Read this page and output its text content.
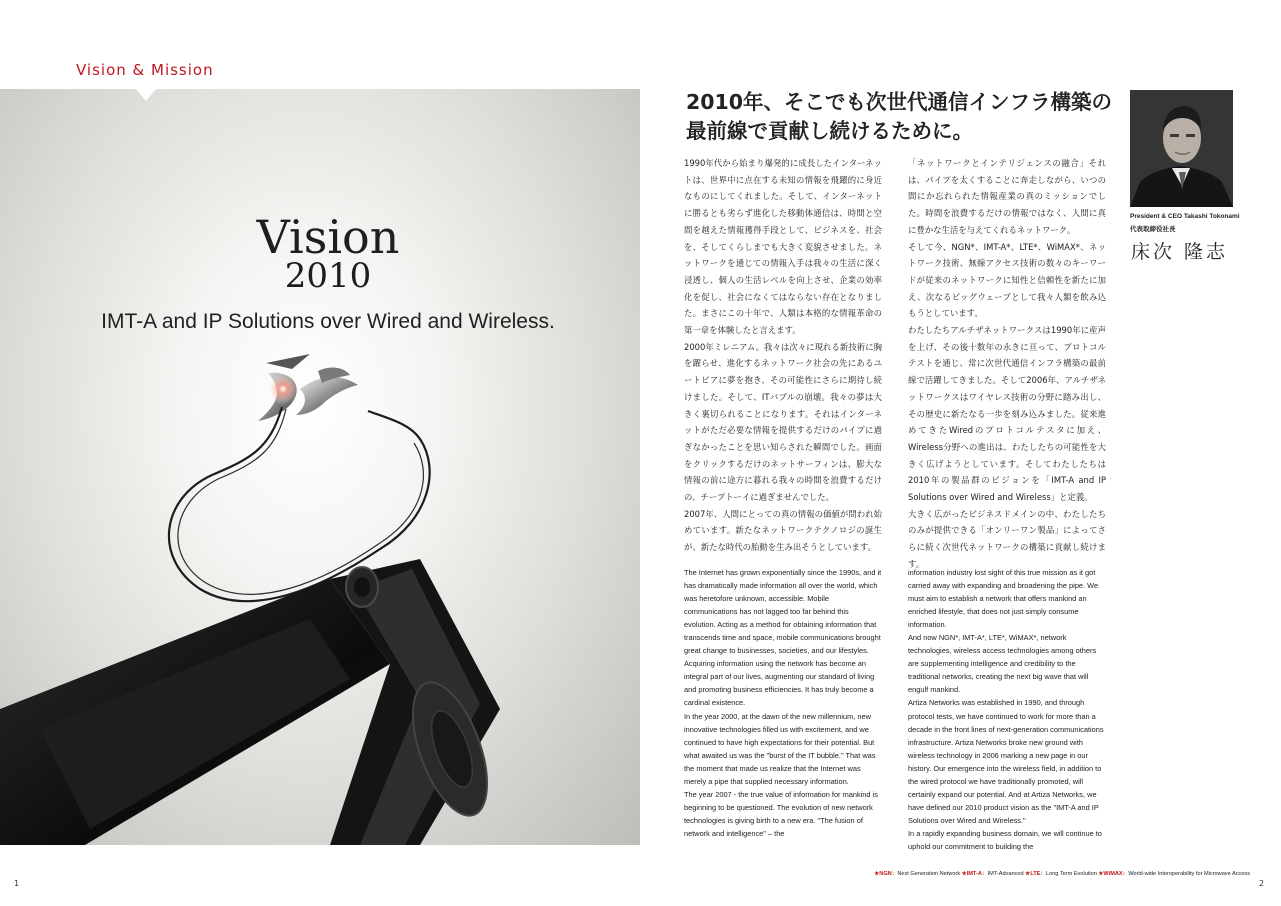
Vision & Mission
Vision
2010
IMT-A and IP Solutions over Wired and Wireless.
1
2010年、そこでも次世代通信インフラ構築の
最前線で貢献し続けるために。
President & CEO Takashi Tokonami
代表取締役社長
床次 隆志

1990年代から始まり爆発的に成長したインターネットは、世界中に点在する未知の情報を飛躍的に身近なものにしてくれました。そして、インターネットに勝るとも劣らず進化した移動体通信は、時間と空間を越えた情報獲得手段として、ビジネスを、社会を、そしてくらしまでも大きく変貌させました。ネットワークを通じての情報入手は我々の生活に深く浸透し、個人の生活レベルを向上させ、企業の効率化を促し、社会になくてはならない存在となりました。まさにこの十年で、人類は本格的な情報革命の第一章を体験したと言えます。

2000年ミレニアム。我々は次々に現れる新技術に胸を躍らせ、進化するネットワーク社会の先にあるユートピアに夢を抱き、その可能性にさらに期待し続けました。そして、ITバブルの崩壊。我々の夢は大きく裏切られることになります。それはインターネットがただ必要な情報を提供するだけのパイプに過ぎなかったことを思い知らされた瞬間でした。画面をクリックするだけのネットサーフィンは、膨大な情報の前に途方に暮れる我々の時間を浪費するだけの、チープトーイに過ぎませんでした。

2007年、人間にとっての真の情報の価値が問われ始めています。新たなネットワークテクノロジの誕生が、新たな時代の胎動を生み出そうとしています。

「ネットワークとインテリジェンスの融合」それは、パイプを太くすることに奔走しながら、いつの間にか忘れられた情報産業の真のミッションでした。時間を浪費するだけの情報ではなく、人間に真に豊かな生活を与えてくれるネットワーク。

そして今、NGN*、IMT-A*、LTE*、WiMAX*、ネットワーク技術、無線アクセス技術の数々のキーワードが従来のネットワークに知性と信頼性を新たに加え、次なるビッグウェーブとして我々人類を飲み込もうとしています。

わたしたちアルチザネットワークスは1990年に産声を上げ、その後十数年の永きに亘って、プロトコルテストを通じ、常に次世代通信インフラ構築の最前線で活躍してきました。そして2006年、アルチザネットワークスはワイヤレス技術の分野に踏み出し、その歴史に新たなる一歩を刻み込みました。従来進めてきたWiredのプロトコルテスタに加え、Wireless分野への進出は、わたしたちの可能性を大きく広げようとしています。そしてわたしたちは2010年の製品群のビジョンを「IMT-A and IP Solutions over Wired and Wireless」と定義。

大きく広がったビジネスドメインの中、わたしたちのみが提供できる「オンリーワン製品」によってさらに続く次世代ネットワークの構築に貢献し続けます。

The Internet has grown exponentially since the 1990s, and it has dramatically made information all over the world, which was heretofore unknown, accessible. Mobile communications has not lagged too far behind this evolution. Acting as a method for obtaining information that transcends time and space, mobile communications brought great change to businesses, societies, and our lifestyles. Acquiring information using the network has become an integral part of our lives, augmenting our standard of living and promoting business efficiencies. It has truly become a cardinal existence.

In the year 2000, at the dawn of the new millennium, new innovative technologies filled us with excitement, and we continued to have high expectations for their potential. But what awaited us was the "burst of the IT bubble." That was the moment that made us realize that the Internet was merely a pipe that supplied necessary information.

The year 2007 - the true value of information for mankind is beginning to be questioned. The evolution of new network technologies is giving birth to a new era. "The fusion of network and intelligence" – the

information industry lost sight of this true mission as it got carried away with expanding and broadening the pipe. We must aim to establish a network that offers mankind an enriched lifestyle, that does not just simply consume information.

And now NGN*, IMT-A*, LTE*, WiMAX*, network technologies, wireless access technologies among others are supplementing intelligence and credibility to the traditional networks, creating the next big wave that will engulf mankind.

Artiza Networks was established in 1990, and through protocol tests, we have continued to work for more than a decade in the front lines of next-generation communications infrastructure. Artiza Networks broke new ground with wireless technology in 2006 marking a new page in our history. Our emergence into the wireless field, in addition to the wired protocol we have traditionally promoted, will certainly expand our potential. And at Artiza Networks, we have defined our 2010 product vision as the "IMT-A and IP Solutions over Wired and Wireless."

In a rapidly expanding business domain, we will continue to uphold our commitment to building the

★NGN：Next Generation Network ★IMT-A：IMT-Advanced ★LTE：Long Term Evolution ★WiMAX：World-wide Interoperability for Microwave Access
2
